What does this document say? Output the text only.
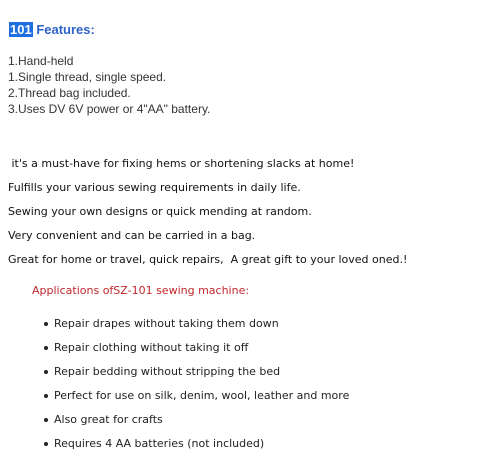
101 Features:
1.Hand-held
1.Single thread, single speed.
2.Thread bag included.
3.Uses DV 6V power or 4"AA" battery.
it's a must-have for fixing hems or shortening slacks at home!
Fulfills your various sewing requirements in daily life.
Sewing your own designs or quick mending at random.
Very convenient and can be carried in a bag.
Great for home or travel, quick repairs,  A great gift to your loved oned.!
Applications ofSZ-101 sewing machine:
Repair drapes without taking them down
Repair clothing without taking it off
Repair bedding without stripping the bed
Perfect for use on silk, denim, wool, leather and more
Also great for crafts
Requires 4 AA batteries (not included)
